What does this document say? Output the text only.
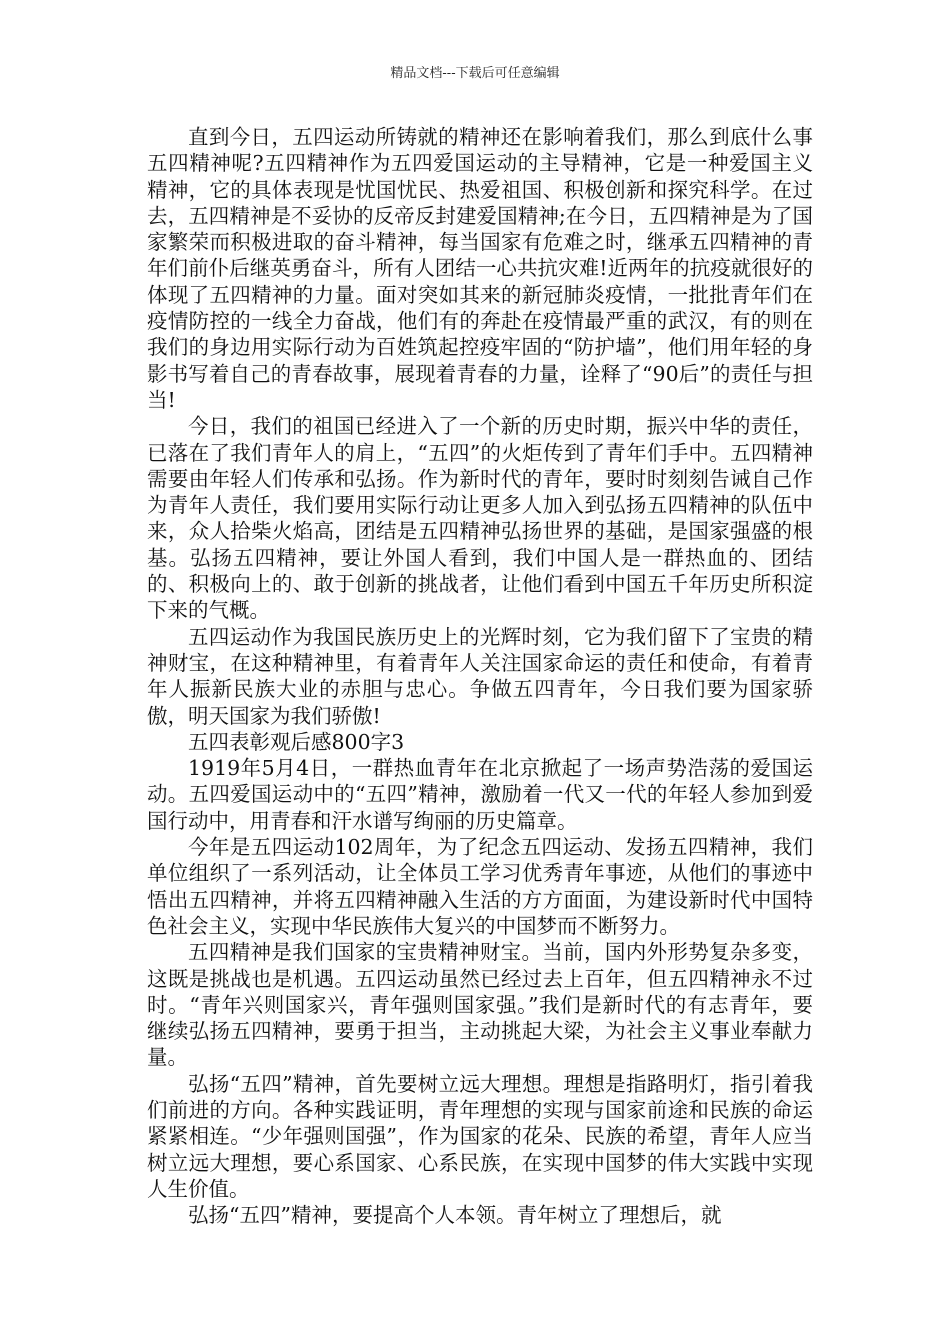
精品文档---下载后可任意编辑

直到今日，五四运动所铸就的精神还在影响着我们，那么到底什么事五四精神呢?五四精神作为五四爱国运动的主导精神，它是一种爱国主义精神，它的具体表现是忧国忧民、热爱祖国、积极创新和探究科学。在过去，五四精神是不妥协的反帝反封建爱国精神;在今日，五四精神是为了国家繁荣而积极进取的奋斗精神，每当国家有危难之时，继承五四精神的青年们前仆后继英勇奋斗，所有人团结一心共抗灾难!近两年的抗疫就很好的体现了五四精神的力量。面对突如其来的新冠肺炎疫情，一批批青年们在疫情防控的一线全力奋战，他们有的奔赴在疫情最严重的武汉，有的则在我们的身边用实际行动为百姓筑起控疫牢固的“防护墙”，他们用年轻的身影书写着自己的青春故事，展现着青春的力量，诠释了“90后”的责任与担当!

今日，我们的祖国已经进入了一个新的历史时期，振兴中华的责任，已落在了我们青年人的肩上，“五四”的火炬传到了青年们手中。五四精神需要由年轻人们传承和弘扬。作为新时代的青年，要时时刻刻告诫自己作为青年人责任，我们要用实际行动让更多人加入到弘扬五四精神的队伍中来，众人拾柴火焰高，团结是五四精神弘扬世界的基础，是国家强盛的根基。弘扬五四精神，要让外国人看到，我们中国人是一群热血的、团结的、积极向上的、敢于创新的挑战者，让他们看到中国五千年历史所积淀下来的气概。

五四运动作为我国民族历史上的光辉时刻，它为我们留下了宝贵的精神财宝，在这种精神里，有着青年人关注国家命运的责任和使命，有着青年人振新民族大业的赤胆与忠心。争做五四青年，今日我们要为国家骄傲，明天国家为我们骄傲!

五四表彰观后感800字3

1919年5月4日，一群热血青年在北京掀起了一场声势浩荡的爱国运动。五四爱国运动中的“五四”精神，激励着一代又一代的年轻人参加到爱国行动中，用青春和汗水谱写绚丽的历史篇章。

今年是五四运动102周年，为了纪念五四运动、发扬五四精神，我们单位组织了一系列活动，让全体员工学习优秀青年事迹，从他们的事迹中悟出五四精神，并将五四精神融入生活的方方面面，为建设新时代中国特色社会主义，实现中华民族伟大复兴的中国梦而不断努力。

五四精神是我们国家的宝贵精神财宝。当前，国内外形势复杂多变，这既是挑战也是机遇。五四运动虽然已经过去上百年，但五四精神永不过时。“青年兴则国家兴，青年强则国家强。”我们是新时代的有志青年，要继续弘扬五四精神，要勇于担当，主动挑起大梁，为社会主义事业奉献力量。

弘扬“五四”精神，首先要树立远大理想。理想是指路明灯，指引着我们前进的方向。各种实践证明，青年理想的实现与国家前途和民族的命运紧紧相连。“少年强则国强”，作为国家的花朵、民族的希望，青年人应当树立远大理想，要心系国家、心系民族，在实现中国梦的伟大实践中实现人生价值。

弘扬“五四”精神，要提高个人本领。青年树立了理想后，就
